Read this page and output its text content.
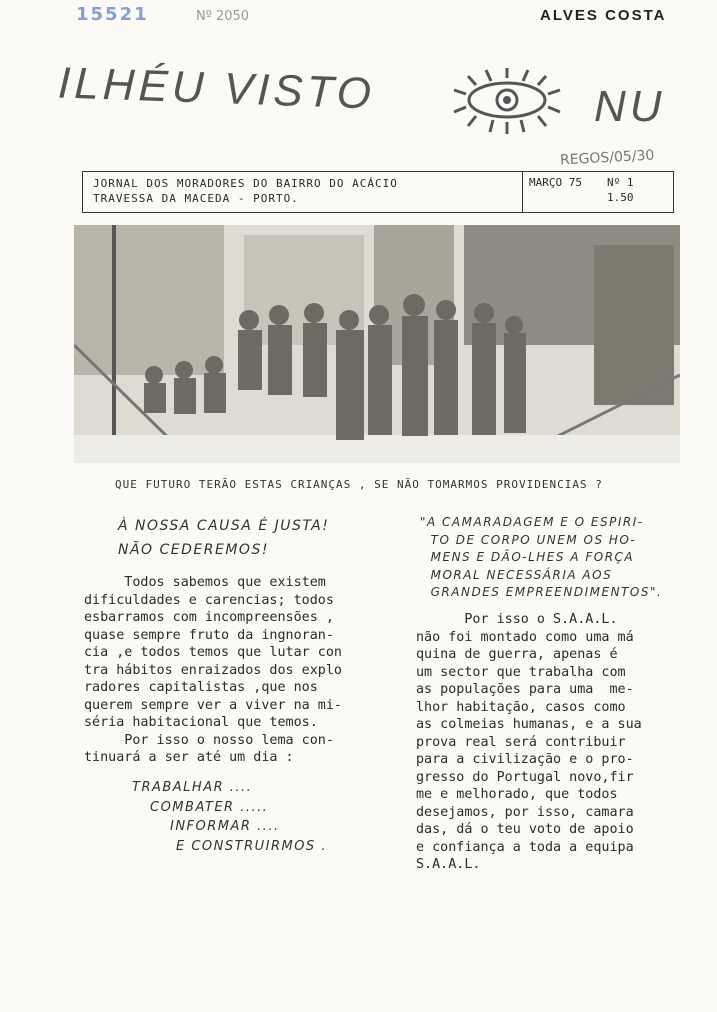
15521	Nº 2050	ALVES COSTA
ILHÉU VISTO	NU
REGOS/05/30
JORNAL DOS MORADORES DO BAIRRO DO ACÁCIO
TRAVESSA DA MACEDA - PORTO.
MARÇO 75 Nº 1
1.50
QUE FUTURO TERÃO ESTAS CRIANÇAS , SE NÃO TOMARMOS PROVIDENCIAS ?
À NOSSA CAUSA É JUSTA!
NÃO CEDEREMOS!
Todos sabemos que existem
dificuldades e carencias; todos
esbarramos com incompreensões ,
quase sempre fruto da ingnoran-
cia ,e todos temos que lutar con
tra hábitos enraizados dos explo
radores capitalistas ,que nos
querem sempre ver a viver na mi-
séria habitacional que temos.
Por isso o nosso lema con-
tinuará a ser até um dia :
TRABALHAR ....
COMBATER .....
INFORMAR ....
E CONSTRUIRMOS .
"A CAMARADAGEM E O ESPIRI-
TO DE CORPO UNEM OS HO-
MENS E DÃO-LHES A FORÇA
MORAL NECESSÁRIA AOS
GRANDES EMPREENDIMENTOS".
Por isso o S.A.A.L.
não foi montado como uma má
quina de guerra, apenas é
um sector que trabalha com
as populações para uma  me-
lhor habitação, casos como
as colmeias humanas, e a sua
prova real será contribuir
para a civilização e o pro-
gresso do Portugal novo,fir
me e melhorado, que todos
desejamos, por isso, camara
das, dá o teu voto de apoio
e confiança a toda a equipa
S.A.A.L.
